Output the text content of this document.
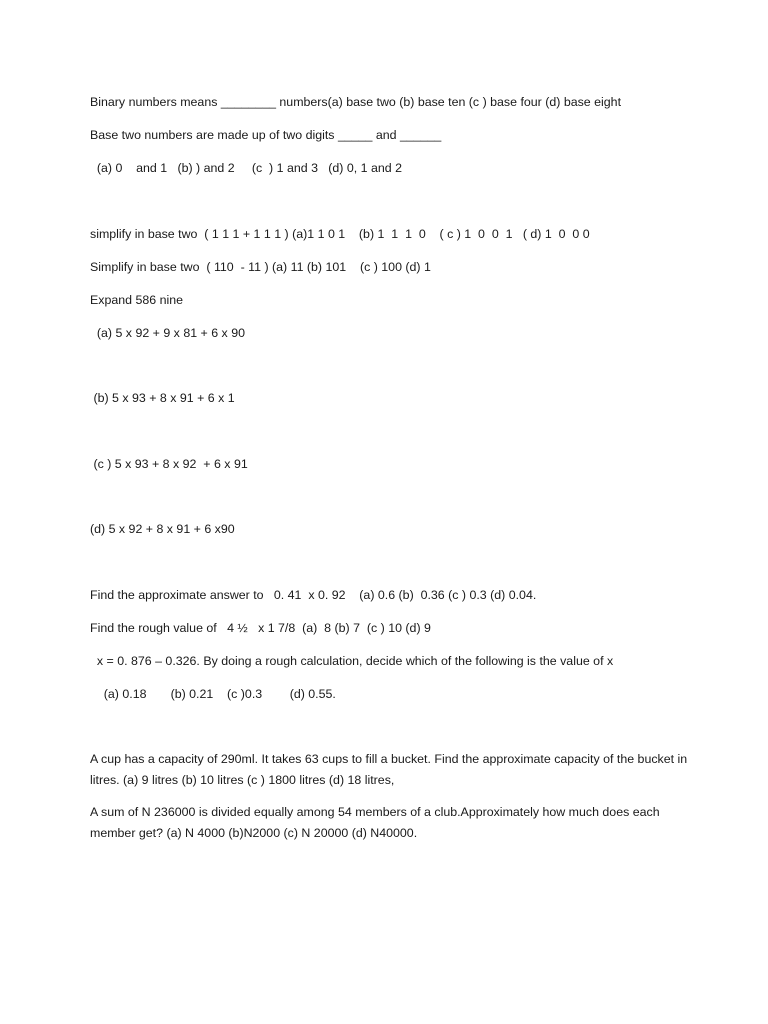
Binary numbers means ________ numbers(a) base two (b) base ten (c ) base four (d) base eight

Base two numbers are made up of two digits _____ and ______

(a) 0    and 1   (b) ) and 2     (c  ) 1 and 3   (d) 0, 1 and 2

simplify in base two  ( 1 1 1 + 1 1 1 ) (a)1 1 0 1    (b) 1  1  1  0    ( c ) 1  0  0  1   ( d) 1  0  0 0

Simplify in base two  ( 110  - 11 ) (a) 11 (b) 101    (c ) 100 (d) 1

Expand 586 nine

(a) 5 x 92 + 9 x 81 + 6 x 90

(b) 5 x 93 + 8 x 91 + 6 x 1

(c ) 5 x 93 + 8 x 92  + 6 x 91

(d) 5 x 92 + 8 x 91 + 6 x90

Find the approximate answer to   0. 41  x 0. 92    (a) 0.6 (b)  0.36 (c ) 0.3 (d) 0.04.

Find the rough value of   4 ½   x 1 7/8  (a)  8 (b) 7  (c ) 10 (d) 9

x = 0. 876 – 0.326. By doing a rough calculation, decide which of the following is the value of x

(a) 0.18       (b) 0.21    (c )0.3        (d) 0.55.

A cup has a capacity of 290ml. It takes 63 cups to fill a bucket. Find the approximate capacity of the bucket in litres. (a) 9 litres (b) 10 litres (c ) 1800 litres (d) 18 litres,

A sum of N 236000 is divided equally among 54 members of a club.Approximately how much does each member get? (a) N 4000 (b)N2000 (c) N 20000 (d) N40000.
